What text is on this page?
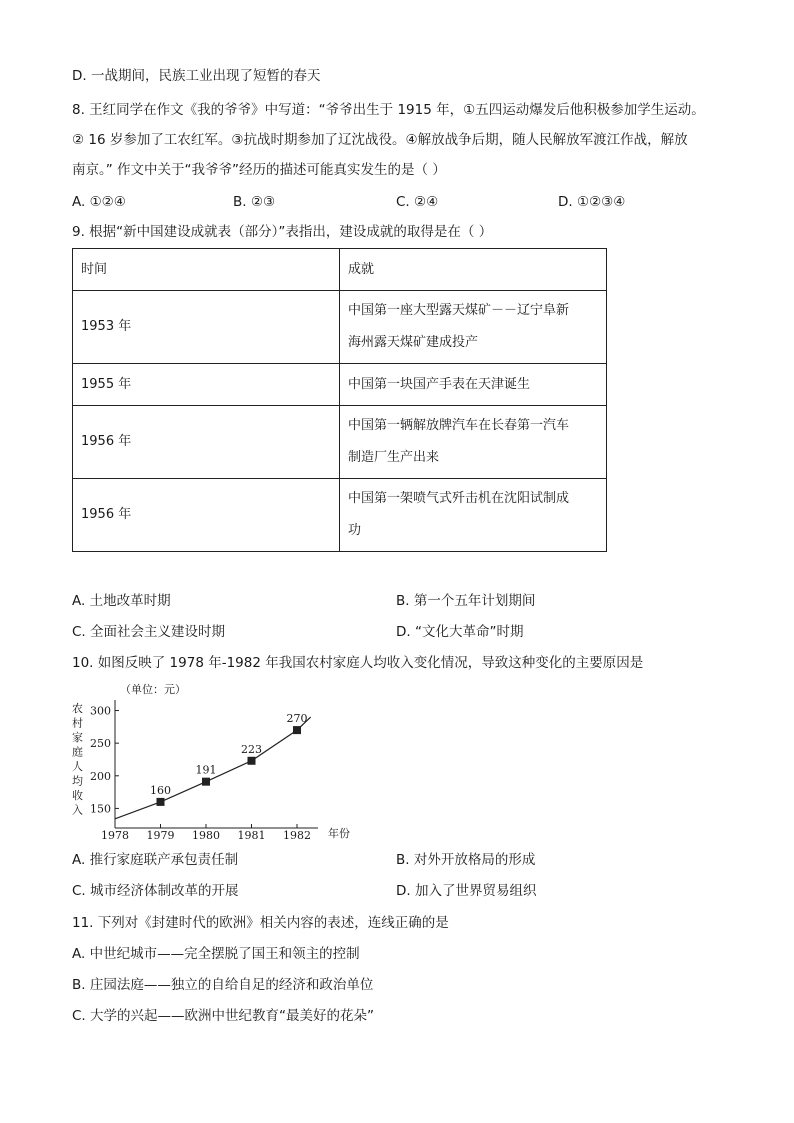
D. 一战期间，民族工业出现了短暂的春天
8. 王红同学在作文《我的爷爷》中写道：“爷爷出生于 1915 年，①五四运动爆发后他积极参加学生运动。
② 16 岁参加了工农红军。③抗战时期参加了辽沈战役。④解放战争后期，随人民解放军渡江作战，解放
南京。” 作文中关于“我爷爷”经历的描述可能真实发生的是（ ）
A. ①②④	B. ②③	C. ②④	D. ①②③④
9. 根据“新中国建设成就表（部分）”表指出，建设成就的取得是在（ ）
时间	成就
1953 年	中国第一座大型露天煤矿－－辽宁阜新
海州露天煤矿建成投产

1955 年	中国第一块国产手表在天津诞生
1956 年	中国第一辆解放牌汽车在长春第一汽车
制造厂生产出来

1956 年	中国第一架喷气式歼击机在沈阳试制成
功
A. 土地改革时期	B. 第一个五年计划期间
C. 全面社会主义建设时期	D. “文化大革命”时期
10. 如图反映了 1978 年-1982 年我国农村家庭人均收入变化情况，导致这种变化的主要原因是
（单位：元）
农
村
家
庭
人
均
收
入 150
200
250
300
1978 1979 1980 1981 1982
160
191
223
270
年份
A. 推行家庭联产承包责任制	B. 对外开放格局的形成
C. 城市经济体制改革的开展	D. 加入了世界贸易组织
11. 下列对《封建时代的欧洲》相关内容的表述，连线正确的是
A. 中世纪城市——完全摆脱了国王和领主的控制
B. 庄园法庭——独立的自给自足的经济和政治单位
C. 大学的兴起——欧洲中世纪教育“最美好的花朵”
